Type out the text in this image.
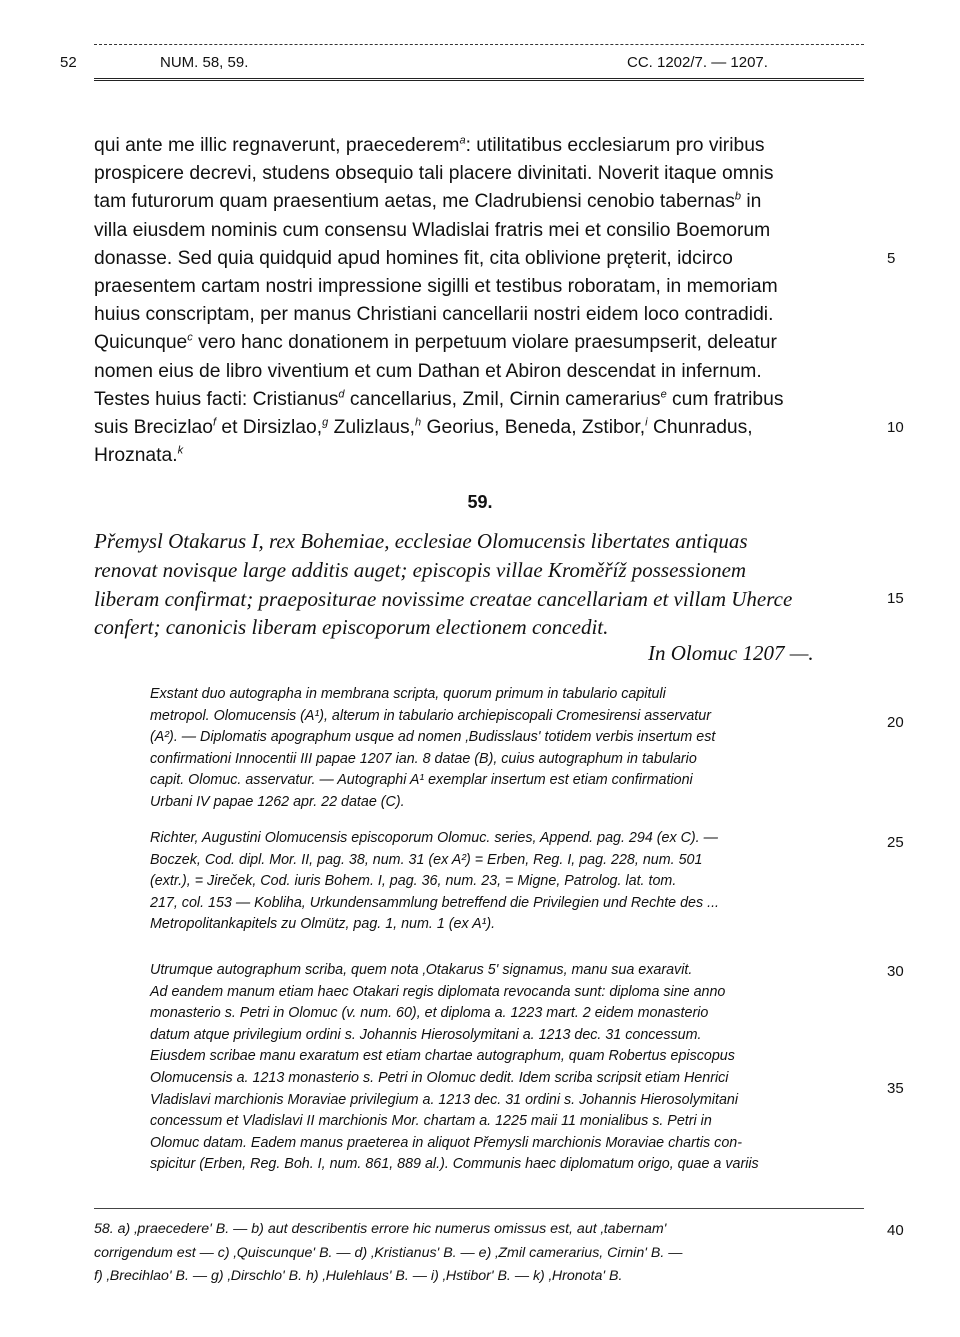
52	NUM. 58, 59.	CC. 1202/7. — 1207.

qui ante me illic regnaverunt, praecederem$^a$: utilitatibus ecclesiarum pro viribus

prospicere decrevi, studens obsequio tali placere divinitati. Noverit itaque omnis

tam futurorum quam praesentium aetas, me Cladrubiensi cenobio tabernas$^b$ in

villa eiusdem nominis cum consensu Wladislai fratris mei et consilio Boemorum

donasse. Sed quia quidquid apud homines fit, cita oblivione pręterit, idcirco

praesentem cartam nostri impressione sigilli et testibus roboratam, in memoriam

huius conscriptam, per manus Christiani cancellarii nostri eidem loco contradidi.

Quicunque$^c$ vero hanc donationem in perpetuum violare praesumpserit, deleatur

nomen eius de libro viventium et cum Dathan et Abiron descendat in infernum.

Testes huius facti: Cristianus$^d$ cancellarius, Zmil, Cirnin camerarius$^e$ cum fratribus

suis Brecizlao$^f$ et Dirsizlao,$^g$ Zulizlaus,$^h$ Georius, Beneda, Zstibor,$^i$ Chunradus,

Hroznata.$^k$

5
10
59.

Přemysl Otakarus I, rex Bohemiae, ecclesiae Olomucensis libertates antiquas

renovat novisque large additis auget; episcopis villae Kroměříž possessionem

liberam confirmat; praepositurae novissime creatae cancellariam et villam Uherce

confert; canonicis liberam episcoporum electionem concedit.

In Olomuc 1207 —.
15

Exstant duo autographa in membrana scripta, quorum primum in tabulario capituli

metropol. Olomucensis (A¹), alterum in tabulario archiepiscopali Cromesirensi asservatur

(A²). — Diplomatis apographum usque ad nomen ‚Budisslaus' totidem verbis insertum est

confirmationi Innocentii III papae 1207 ian. 8 datae (B), cuius autographum in tabulario

capit. Olomuc. asservatur. — Autographi A¹ exemplar insertum est etiam confirmationi

Urbani IV papae 1262 apr. 22 datae (C).

20

Richter, Augustini Olomucensis episcoporum Olomuc. series, Append. pag. 294 (ex C). —

Boczek, Cod. dipl. Mor. II, pag. 38, num. 31 (ex A²) = Erben, Reg. I, pag. 228, num. 501

(extr.), = Jireček, Cod. iuris Bohem. I, pag. 36, num. 23, = Migne, Patrolog. lat. tom.

217, col. 153 — Kobliha, Urkundensammlung betreffend die Privilegien und Rechte des ...

Metropolitankapitels zu Olmütz, pag. 1, num. 1 (ex A¹).

25

Utrumque autographum scriba, quem nota ‚Otakarus 5' signamus, manu sua exaravit.

Ad eandem manum etiam haec Otakari regis diplomata revocanda sunt: diploma sine anno

monasterio s. Petri in Olomuc (v. num. 60), et diploma a. 1223 mart. 2 eidem monasterio

datum atque privilegium ordini s. Johannis Hierosolymitani a. 1213 dec. 31 concessum.

Eiusdem scribae manu exaratum est etiam chartae autographum, quam Robertus episcopus

Olomucensis a. 1213 monasterio s. Petri in Olomuc dedit. Idem scriba scripsit etiam Henrici

Vladislavi marchionis Moraviae privilegium a. 1213 dec. 31 ordini s. Johannis Hierosolymitani

concessum et Vladislavi II marchionis Mor. chartam a. 1225 maii 11 monialibus s. Petri in

Olomuc datam. Eadem manus praeterea in aliquot Přemysli marchionis Moraviae chartis con-

spicitur (Erben, Reg. Boh. I, num. 861, 889 al.). Communis haec diplomatum origo, quae a variis

30
35

58. a) ‚praecedere' B. — b) aut describentis errore hic numerus omissus est, aut ‚tabernam'

corrigendum est — c) ‚Quiscunque' B. — d) ‚Kristianus' B. — e) ‚Zmil camerarius, Cirnin' B. —

f) ‚Brecihlao' B. — g) ‚Dirschlo' B. h) ‚Hulehlaus' B. — i) ‚Hstibor' B. — k) ‚Hronota' B.

40
